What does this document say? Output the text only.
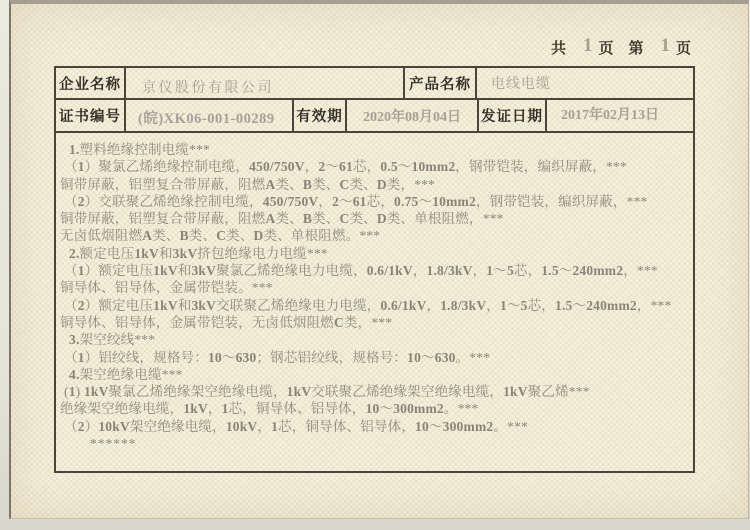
共 1 页 第 1 页
企业名称	京仪股份有限公司	产品名称	电线电缆
证书编号	(皖)XK06-001-00289	有效期	2020年08月04日	发证日期	2017年02月13日
1.塑料绝缘控制电缆***
（1）聚氯乙烯绝缘控制电缆，450/750V，2～61芯，0.5～10mm2，钢带铠装，编织屏蔽，***
铜带屏蔽，铝塑复合带屏蔽，阻燃A类、B类、C类、D类，***
（2）交联聚乙烯绝缘控制电缆，450/750V，2～61芯，0.75～10mm2，钢带铠装，编织屏蔽，***
铜带屏蔽，铝塑复合带屏蔽，阻燃A类、B类、C类、D类、单根阻燃，***
无卤低烟阻燃A类、B类、C类、D类、单根阻燃。***
2.额定电压1kV和3kV挤包绝缘电力电缆***
（1）额定电压1kV和3kV聚氯乙烯绝缘电力电缆，0.6/1kV，1.8/3kV，1～5芯，1.5～240mm2，***
铜导体、铝导体，金属带铠装。***
（2）额定电压1kV和3kV交联聚乙烯绝缘电力电缆，0.6/1kV，1.8/3kV，1～5芯，1.5～240mm2，***
铜导体、铝导体，金属带铠装，无卤低烟阻燃C类，***
3.架空绞线***
（1）铝绞线，规格号：10～630；钢芯铝绞线，规格号：10～630。***
4.架空绝缘电缆***
(1) 1kV聚氯乙烯绝缘架空绝缘电缆，1kV交联聚乙烯绝缘架空绝缘电缆，1kV聚乙烯***
绝缘架空绝缘电缆，1kV，1芯，铜导体、铝导体，10～300mm2。***
（2）10kV架空绝缘电缆，10kV，1芯，铜导体、铝导体，10～300mm2。***
******
